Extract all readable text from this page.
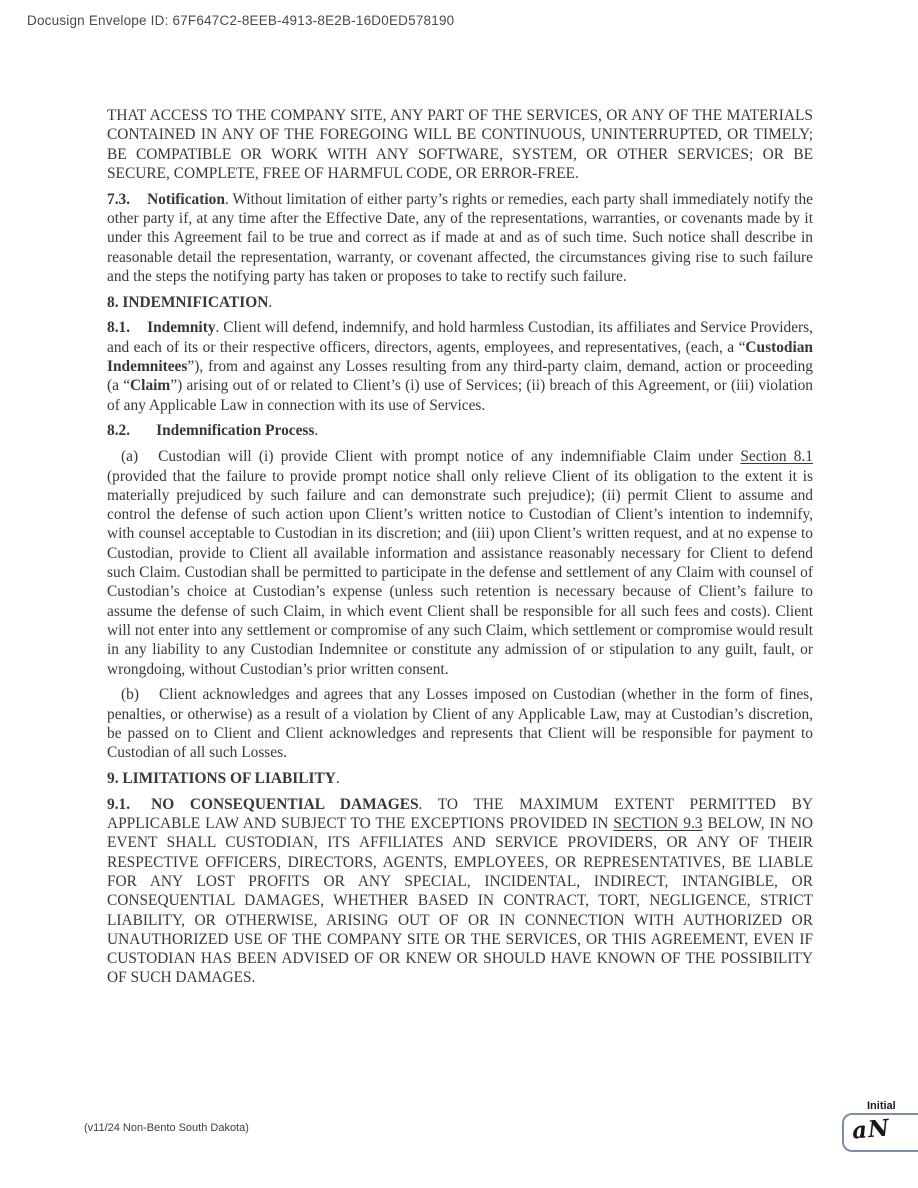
Docusign Envelope ID: 67F647C2-8EEB-4913-8E2B-16D0ED578190

THAT ACCESS TO THE COMPANY SITE, ANY PART OF THE SERVICES, OR ANY OF THE MATERIALS CONTAINED IN ANY OF THE FOREGOING WILL BE CONTINUOUS, UNINTERRUPTED, OR TIMELY; BE COMPATIBLE OR WORK WITH ANY SOFTWARE, SYSTEM, OR OTHER SERVICES; OR BE SECURE, COMPLETE, FREE OF HARMFUL CODE, OR ERROR-FREE.

7.3. Notification. Without limitation of either party’s rights or remedies, each party shall immediately notify the other party if, at any time after the Effective Date, any of the representations, warranties, or covenants made by it under this Agreement fail to be true and correct as if made at and as of such time. Such notice shall describe in reasonable detail the representation, warranty, or covenant affected, the circumstances giving rise to such failure and the steps the notifying party has taken or proposes to take to rectify such failure.

8. INDEMNIFICATION.

8.1. Indemnity. Client will defend, indemnify, and hold harmless Custodian, its affiliates and Service Providers, and each of its or their respective officers, directors, agents, employees, and representatives, (each, a “Custodian Indemnitees”), from and against any Losses resulting from any third-party claim, demand, action or proceeding (a “Claim”) arising out of or related to Client’s (i) use of Services; (ii) breach of this Agreement, or (iii) violation of any Applicable Law in connection with its use of Services.

8.2. Indemnification Process.

(a) Custodian will (i) provide Client with prompt notice of any indemnifiable Claim under Section 8.1 (provided that the failure to provide prompt notice shall only relieve Client of its obligation to the extent it is materially prejudiced by such failure and can demonstrate such prejudice); (ii) permit Client to assume and control the defense of such action upon Client’s written notice to Custodian of Client’s intention to indemnify, with counsel acceptable to Custodian in its discretion; and (iii) upon Client’s written request, and at no expense to Custodian, provide to Client all available information and assistance reasonably necessary for Client to defend such Claim. Custodian shall be permitted to participate in the defense and settlement of any Claim with counsel of Custodian’s choice at Custodian’s expense (unless such retention is necessary because of Client’s failure to assume the defense of such Claim, in which event Client shall be responsible for all such fees and costs). Client will not enter into any settlement or compromise of any such Claim, which settlement or compromise would result in any liability to any Custodian Indemnitee or constitute any admission of or stipulation to any guilt, fault, or wrongdoing, without Custodian’s prior written consent.

(b) Client acknowledges and agrees that any Losses imposed on Custodian (whether in the form of fines, penalties, or otherwise) as a result of a violation by Client of any Applicable Law, may at Custodian’s discretion, be passed on to Client and Client acknowledges and represents that Client will be responsible for payment to Custodian of all such Losses.

9. LIMITATIONS OF LIABILITY.

9.1. NO CONSEQUENTIAL DAMAGES. TO THE MAXIMUM EXTENT PERMITTED BY APPLICABLE LAW AND SUBJECT TO THE EXCEPTIONS PROVIDED IN SECTION 9.3 BELOW, IN NO EVENT SHALL CUSTODIAN, ITS AFFILIATES AND SERVICE PROVIDERS, OR ANY OF THEIR RESPECTIVE OFFICERS, DIRECTORS, AGENTS, EMPLOYEES, OR REPRESENTATIVES, BE LIABLE FOR ANY LOST PROFITS OR ANY SPECIAL, INCIDENTAL, INDIRECT, INTANGIBLE, OR CONSEQUENTIAL DAMAGES, WHETHER BASED IN CONTRACT, TORT, NEGLIGENCE, STRICT LIABILITY, OR OTHERWISE, ARISING OUT OF OR IN CONNECTION WITH AUTHORIZED OR UNAUTHORIZED USE OF THE COMPANY SITE OR THE SERVICES, OR THIS AGREEMENT, EVEN IF CUSTODIAN HAS BEEN ADVISED OF OR KNEW OR SHOULD HAVE KNOWN OF THE POSSIBILITY OF SUCH DAMAGES.

(v11/24 Non-Bento South Dakota)
Initial
aN
